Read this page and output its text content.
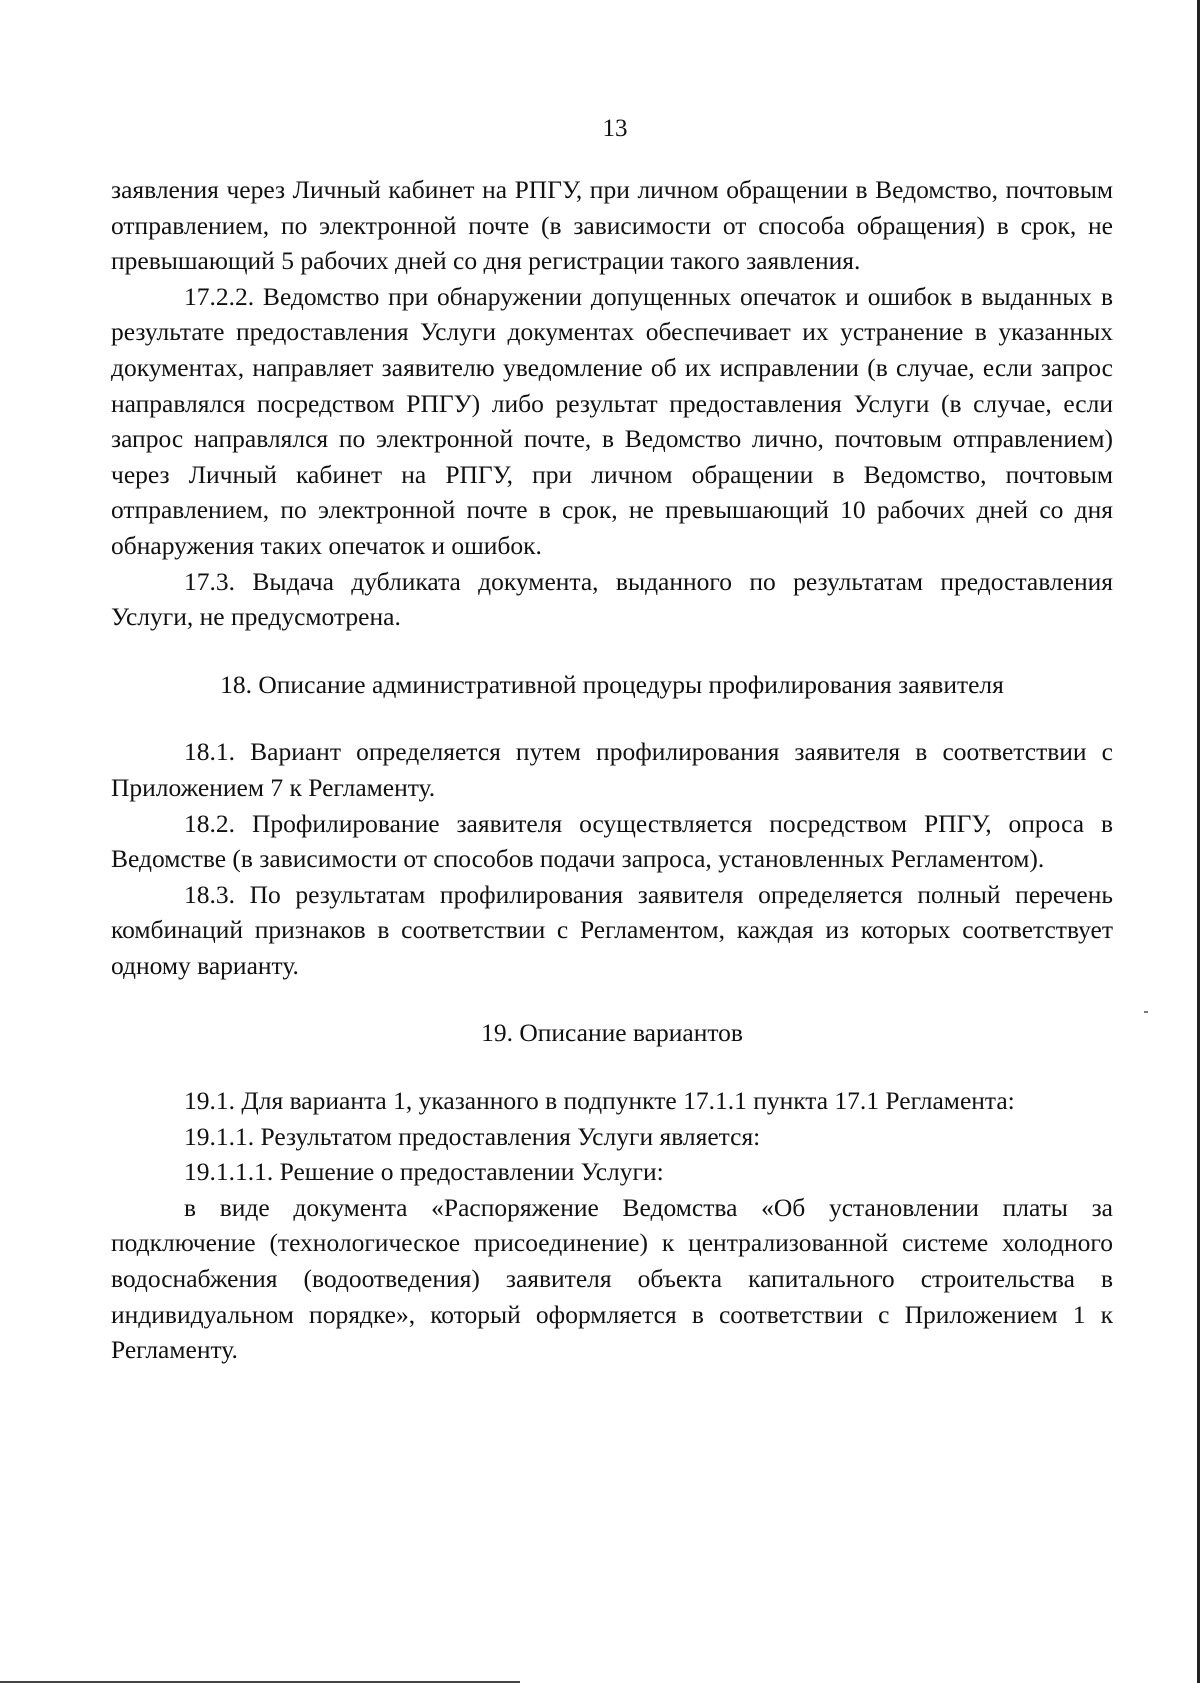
13

заявления через Личный кабинет на РПГУ, при личном обращении в Ведомство, почтовым отправлением, по электронной почте (в зависимости от способа обращения) в срок, не превышающий 5 рабочих дней со дня регистрации такого заявления.

17.2.2. Ведомство при обнаружении допущенных опечаток и ошибок в выданных в результате предоставления Услуги документах обеспечивает их устранение в указанных документах, направляет заявителю уведомление об их исправлении (в случае, если запрос направлялся посредством РПГУ) либо результат предоставления Услуги (в случае, если запрос направлялся по электронной почте, в Ведомство лично, почтовым отправлением) через Личный кабинет на РПГУ, при личном обращении в Ведомство, почтовым отправлением, по электронной почте в срок, не превышающий 10 рабочих дней со дня обнаружения таких опечаток и ошибок.

17.3. Выдача дубликата документа, выданного по результатам предоставления Услуги, не предусмотрена.

18. Описание административной процедуры профилирования заявителя

18.1. Вариант определяется путем профилирования заявителя в соответствии с Приложением 7 к Регламенту.

18.2. Профилирование заявителя осуществляется посредством РПГУ, опроса в Ведомстве (в зависимости от способов подачи запроса, установленных Регламентом).

18.3. По результатам профилирования заявителя определяется полный перечень комбинаций признаков в соответствии с Регламентом, каждая из которых соответствует одному варианту.

19. Описание вариантов

19.1. Для варианта 1, указанного в подпункте 17.1.1 пункта 17.1 Регламента:

19.1.1. Результатом предоставления Услуги является:

19.1.1.1. Решение о предоставлении Услуги:

в виде документа «Распоряжение Ведомства «Об установлении платы за подключение (технологическое присоединение) к централизованной системе холодного водоснабжения (водоотведения) заявителя объекта капитального строительства в индивидуальном порядке», который оформляется в соответствии с Приложением 1 к Регламенту.
